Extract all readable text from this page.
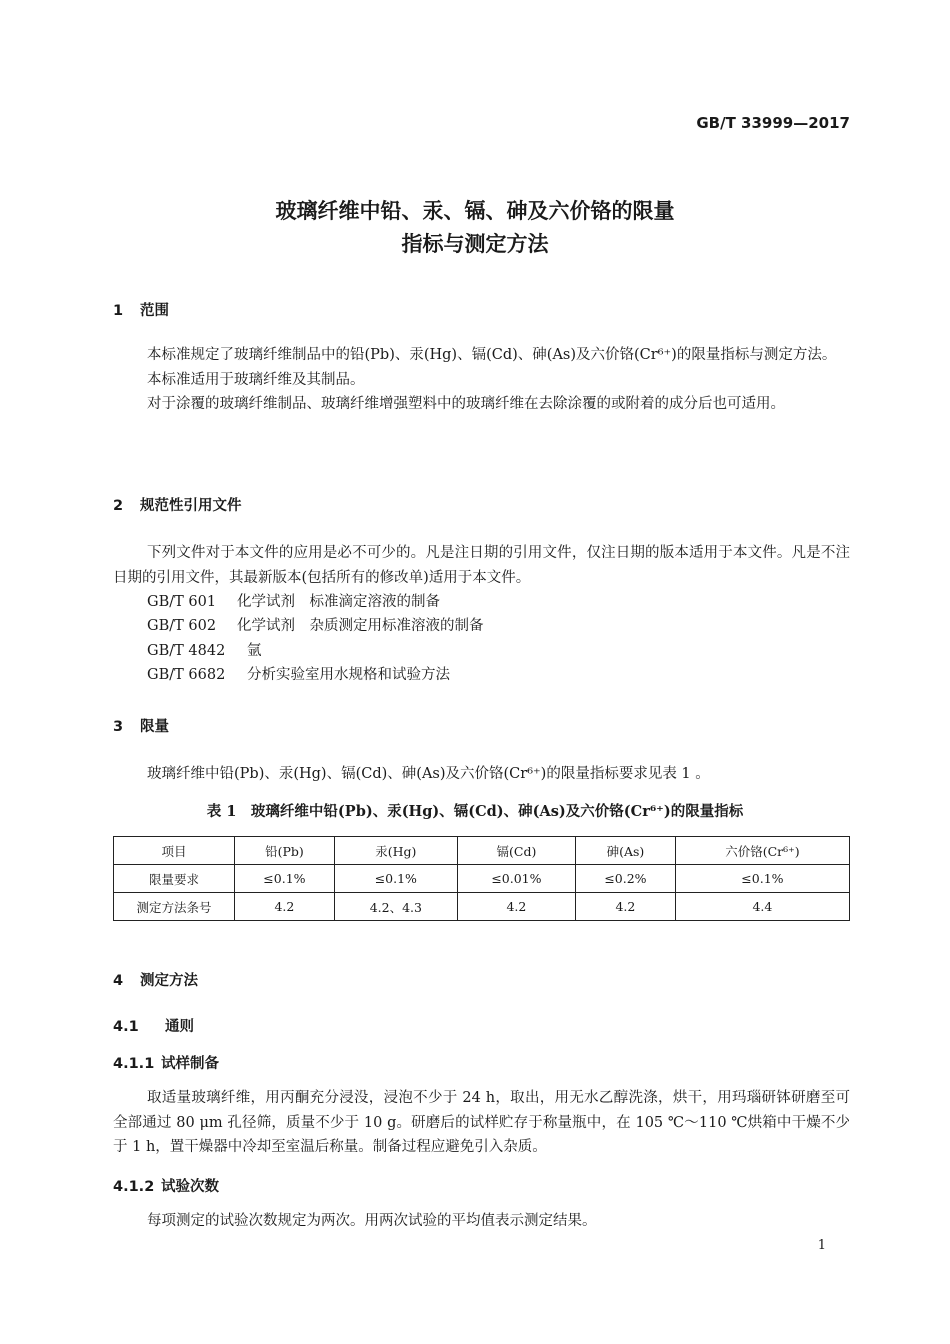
GB/T 33999—2017
玻璃纤维中铅、汞、镉、砷及六价铬的限量
指标与测定方法
1 范围

本标准规定了玻璃纤维制品中的铅(Pb)、汞(Hg)、镉(Cd)、砷(As)及六价铬(Cr⁶⁺)的限量指标与测定方法。

本标准适用于玻璃纤维及其制品。

对于涂覆的玻璃纤维制品、玻璃纤维增强塑料中的玻璃纤维在去除涂覆的或附着的成分后也可适用。

2 规范性引用文件

下列文件对于本文件的应用是必不可少的。凡是注日期的引用文件，仅注日期的版本适用于本文件。凡是不注日期的引用文件，其最新版本(包括所有的修改单)适用于本文件。

GB/T 601 化学试剂　标准滴定溶液的制备
GB/T 602 化学试剂　杂质测定用标准溶液的制备
GB/T 4842 氩
GB/T 6682 分析实验室用水规格和试验方法
3 限量

玻璃纤维中铅(Pb)、汞(Hg)、镉(Cd)、砷(As)及六价铬(Cr⁶⁺)的限量指标要求见表 1 。

表 1　玻璃纤维中铅(Pb)、汞(Hg)、镉(Cd)、砷(As)及六价铬(Cr⁶⁺)的限量指标
项目	铅(Pb)	汞(Hg)	镉(Cd)	砷(As)	六价铬(Cr⁶⁺)
限量要求	≤0.1%	≤0.1%	≤0.01%	≤0.2%	≤0.1%
测定方法条号	4.2	4.2、4.3	4.2	4.2	4.4
4 测定方法
4.1 通则
4.1.1 试样制备

取适量玻璃纤维，用丙酮充分浸没，浸泡不少于 24 h，取出，用无水乙醇洗涤，烘干，用玛瑙研钵研磨至可全部通过 80 μm 孔径筛，质量不少于 10 g。研磨后的试样贮存于称量瓶中，在 105 ℃～110 ℃烘箱中干燥不少于 1 h，置干燥器中冷却至室温后称量。制备过程应避免引入杂质。

4.1.2 试验次数

每项测定的试验次数规定为两次。用两次试验的平均值表示测定结果。

1
